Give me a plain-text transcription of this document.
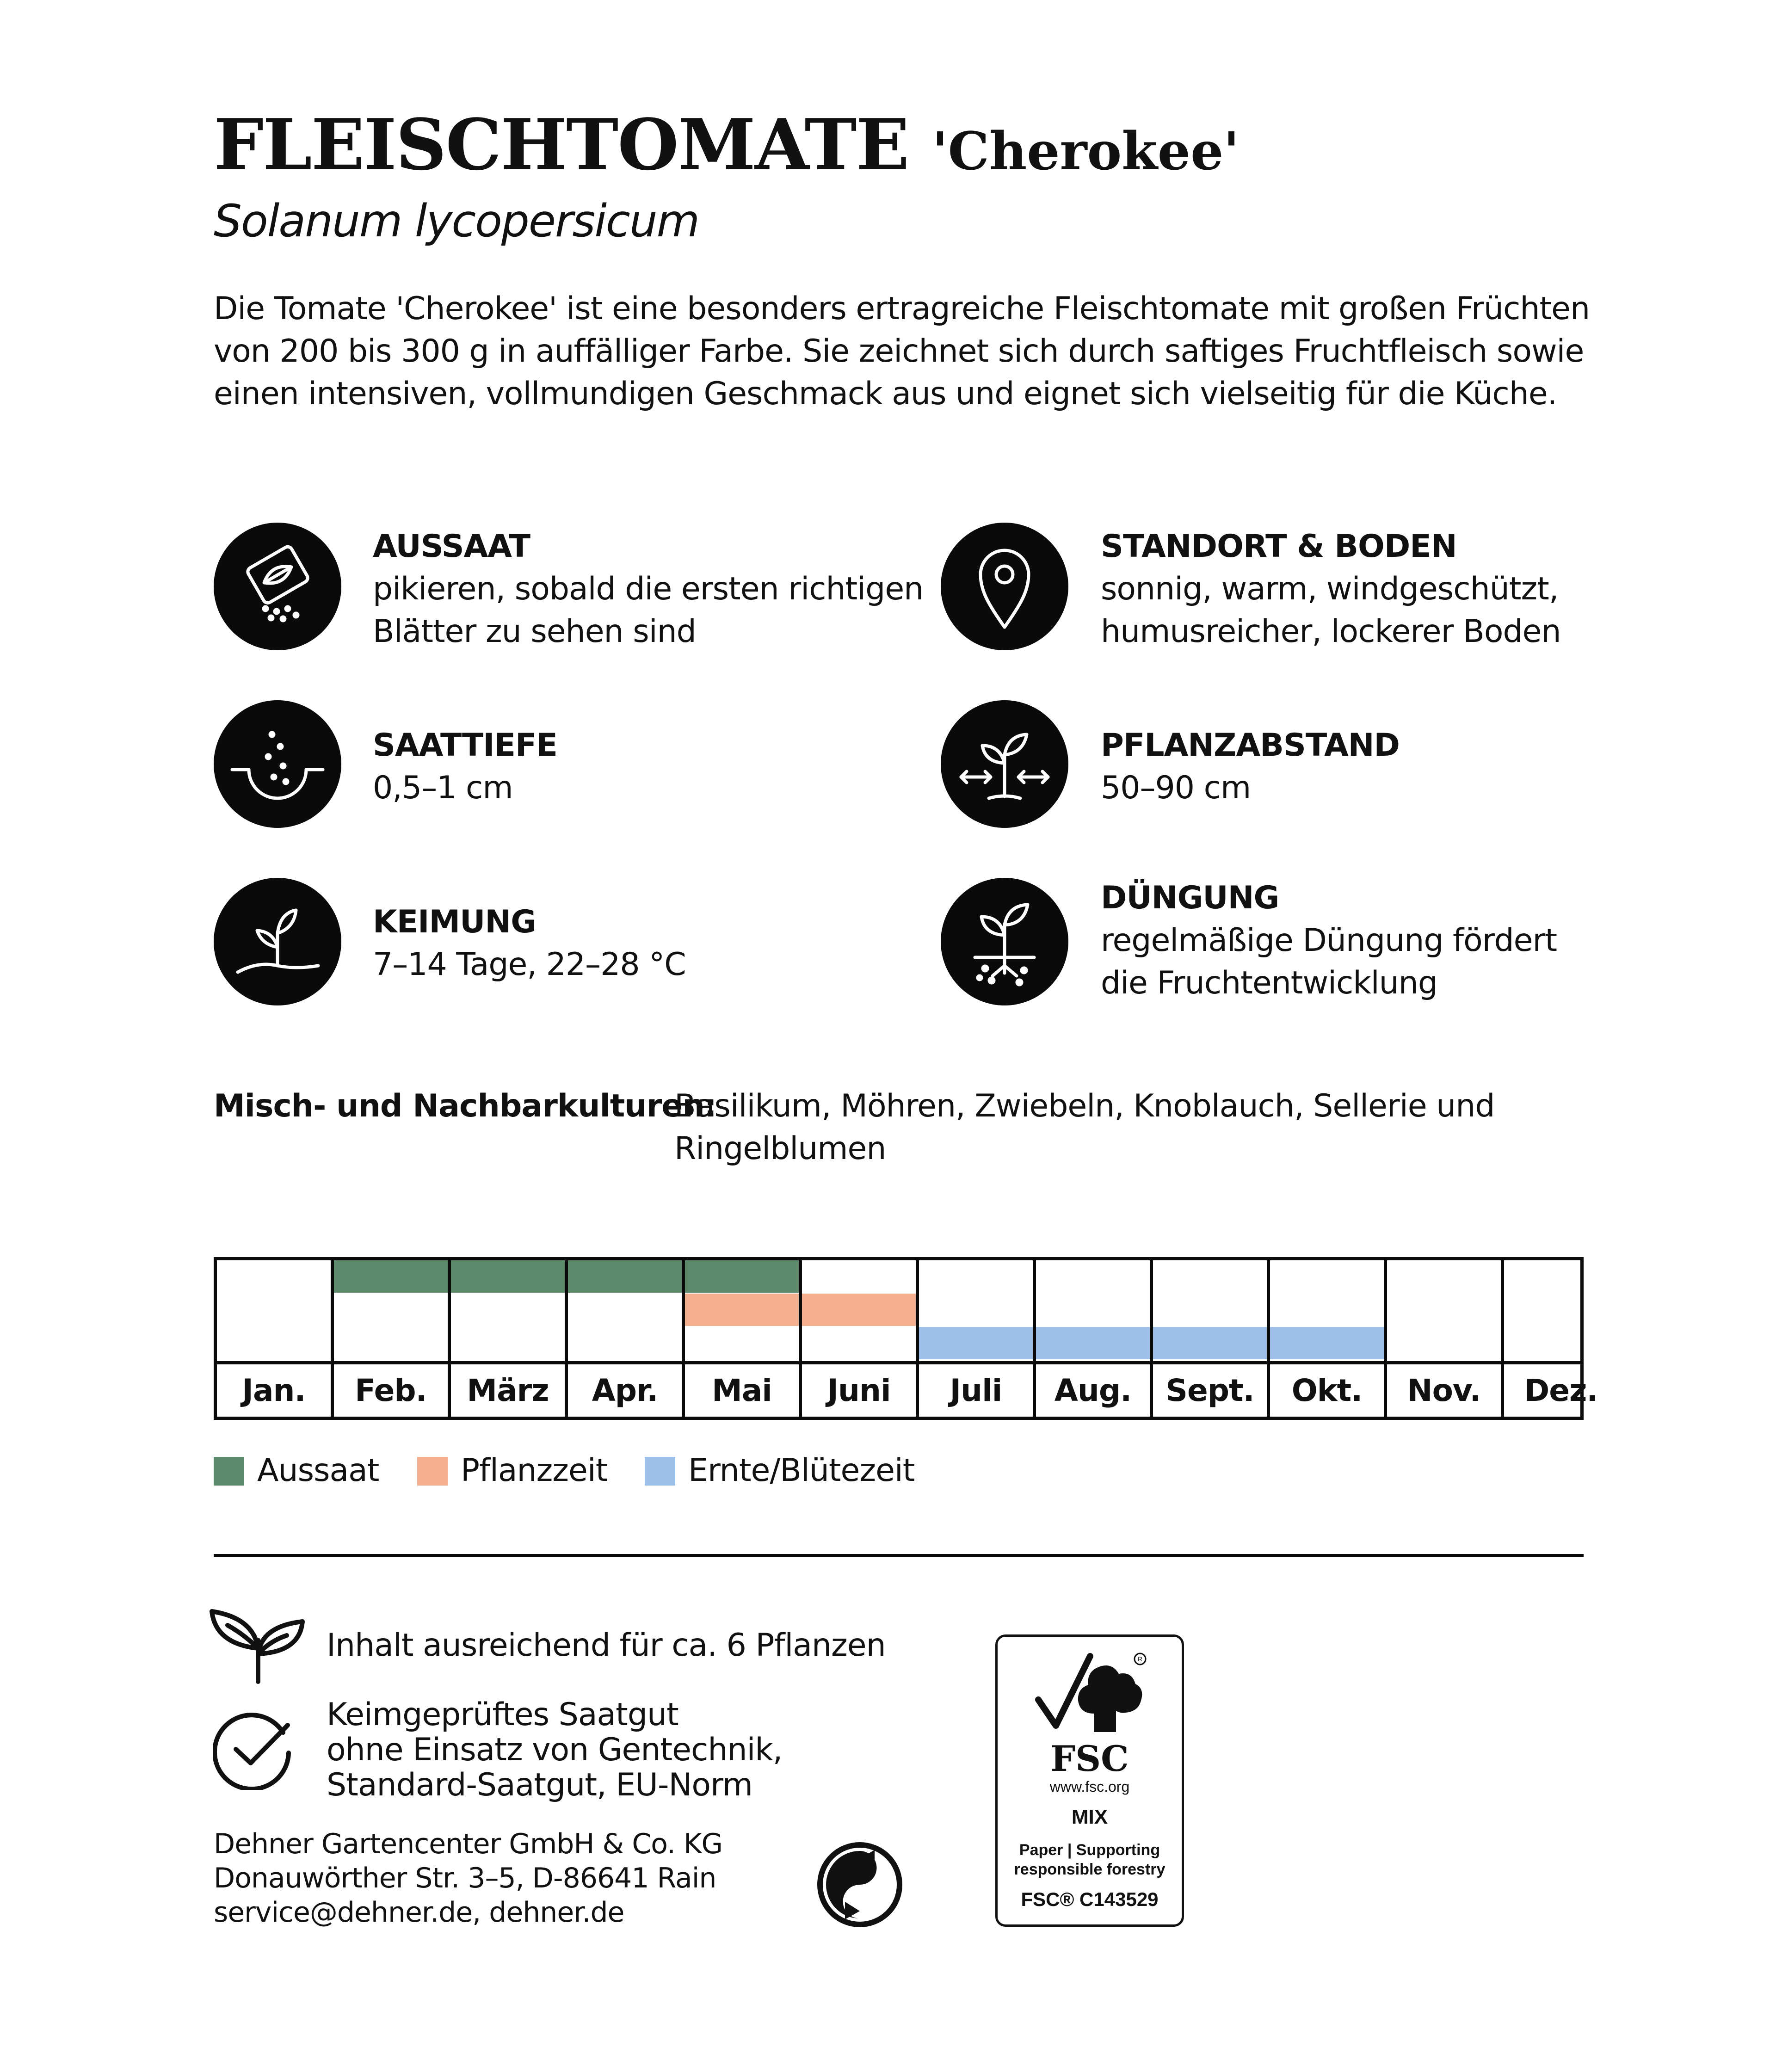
FLEISCHTOMATE 'Cherokee'
Solanum lycopersicum
Die Tomate 'Cherokee' ist eine besonders ertragreiche Fleischtomate mit großen Früchten von 200 bis 300 g in auffälliger Farbe. Sie zeichnet sich durch saftiges Fruchtfleisch sowie einen intensiven, vollmundigen Geschmack aus und eignet sich vielseitig für die Küche.
AUSSAAT
pikieren, sobald die ersten richtigen
Blätter zu sehen sind
SAATTIEFE
0,5–1 cm
KEIMUNG
7–14 Tage, 22–28 °C
STANDORT & BODEN
sonnig, warm, windgeschützt,
humusreicher, lockerer Boden
PFLANZABSTAND
50–90 cm
DÜNGUNG
regelmäßige Düngung fördert
die Fruchtentwicklung
Misch- und Nachbarkulturen:
Basilikum, Möhren, Zwiebeln, Knoblauch, Sellerie und
Ringelblumen
Jan.	Feb.	März	Apr.	Mai	Juni	Juli	Aug.	Sept.	Okt.	Nov.	Dez.
Aussaat	Pflanzzeit	Ernte/Blütezeit
Inhalt ausreichend für ca. 6 Pflanzen
Keimgeprüftes Saatgut
ohne Einsatz von Gentechnik,
Standard-Saatgut, EU-Norm
Dehner Gartencenter GmbH & Co. KG
Donauwörther Str. 3–5, D-86641 Rain
service@dehner.de, dehner.de
R
FSC
www.fsc.org
MIX
Paper | Supporting
responsible forestry
FSC® C143529
